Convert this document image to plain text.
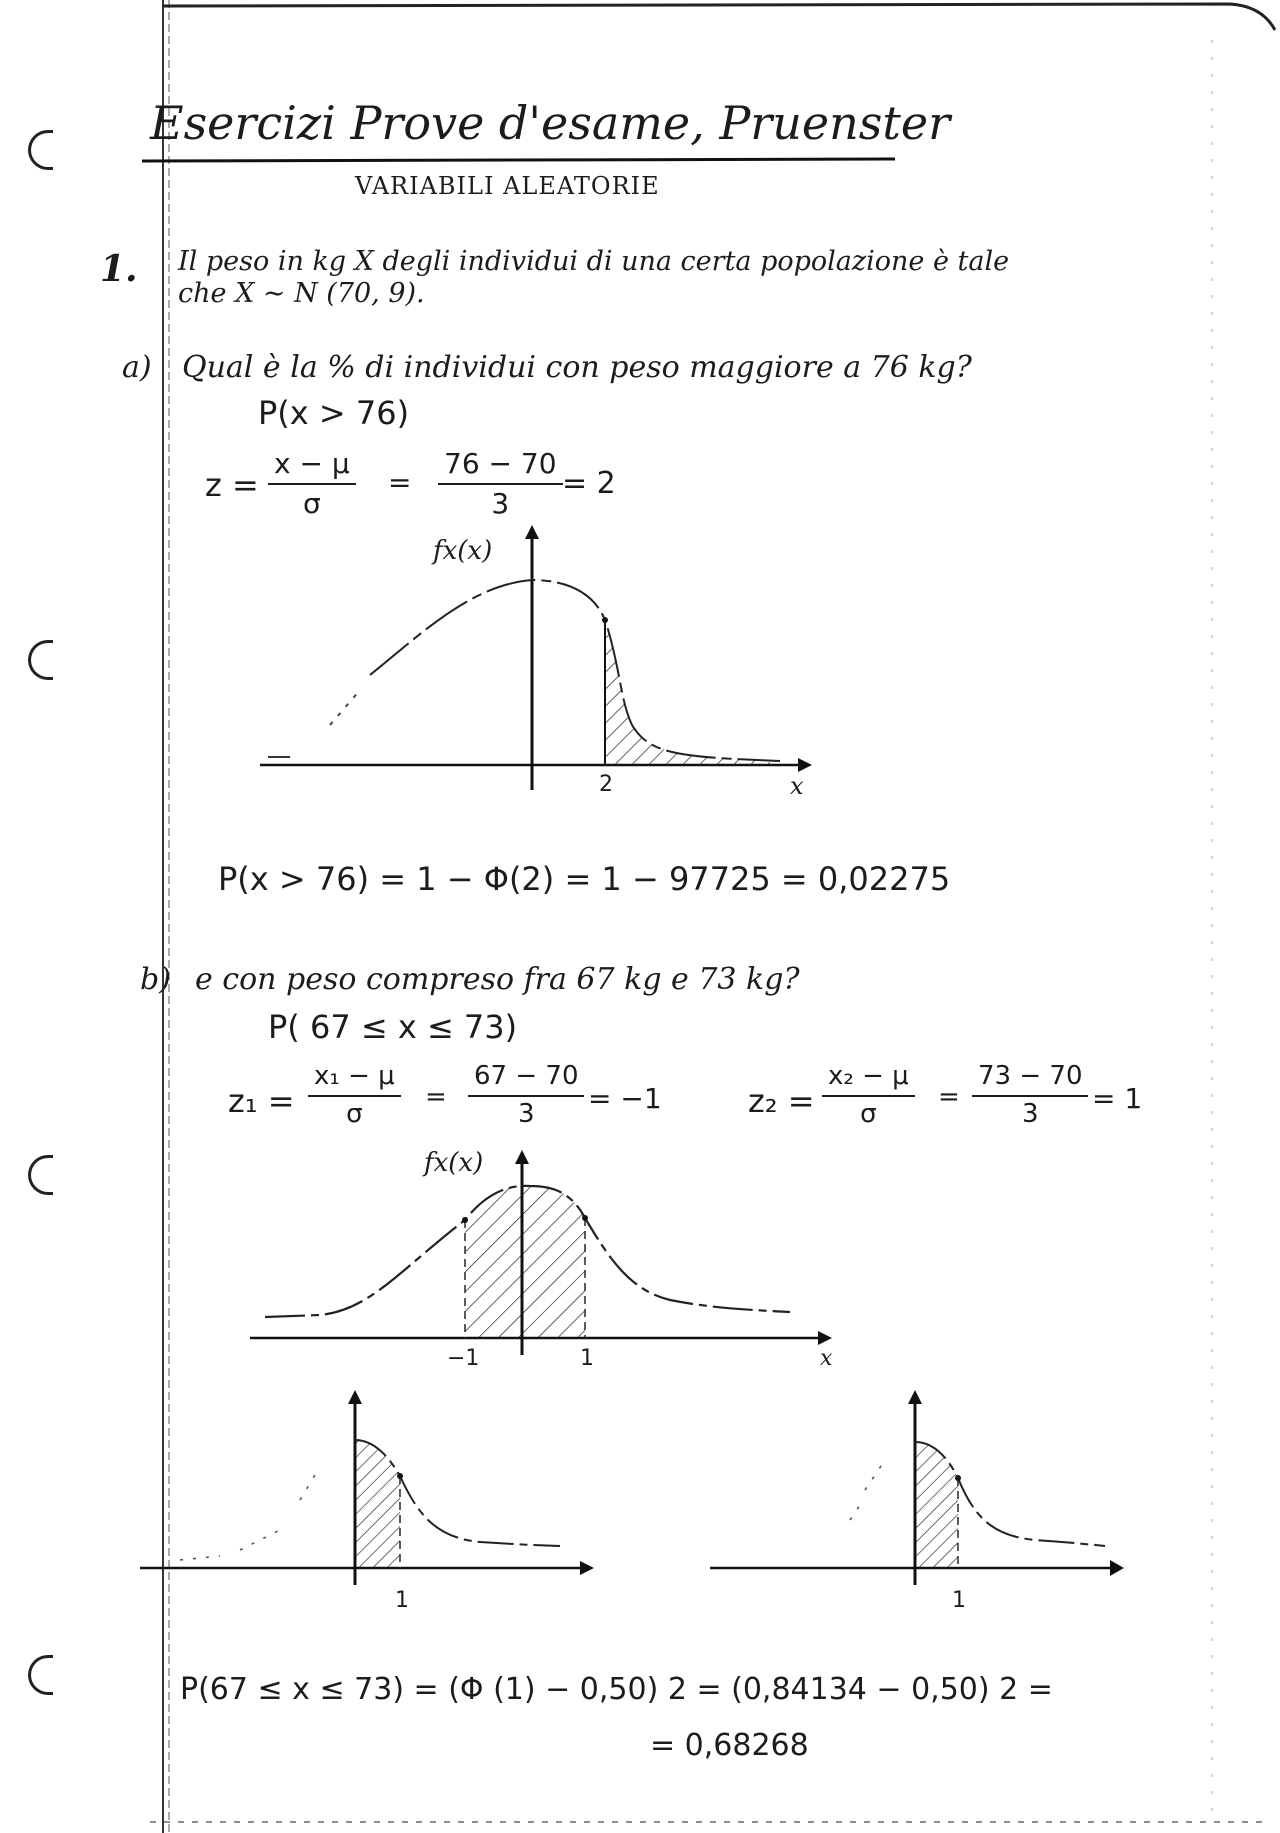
Esercizi Prove d'esame, Pruenster
VARIABILI ALEATORIE
1. Il peso in kg X degli individui di una certa popolazione è tale
che X ∼ N (70, 9).
a) Qual è la % di individui con peso maggiore a 76 kg?
P(x > 76)
z =
x − μ
σ
=
76 − 70
3
= 2
fx(x)
2	x
P(x > 76) = 1 − Φ(2) = 1 − 97725 = 0,02275
b) e con peso compreso fra 67 kg e 73 kg?
P( 67 ≤ x ≤ 73)
z₁ =
x₁ − μ
σ
=
67 − 70
3 = −1	z₂ =
x₂ − μ
σ
=
73 − 70
3 = 1
fx(x)
−1	1	x
1	1
P(67 ≤ x ≤ 73) = (Φ (1) − 0,50) 2 = (0,84134 − 0,50) 2 =
= 0,68268
